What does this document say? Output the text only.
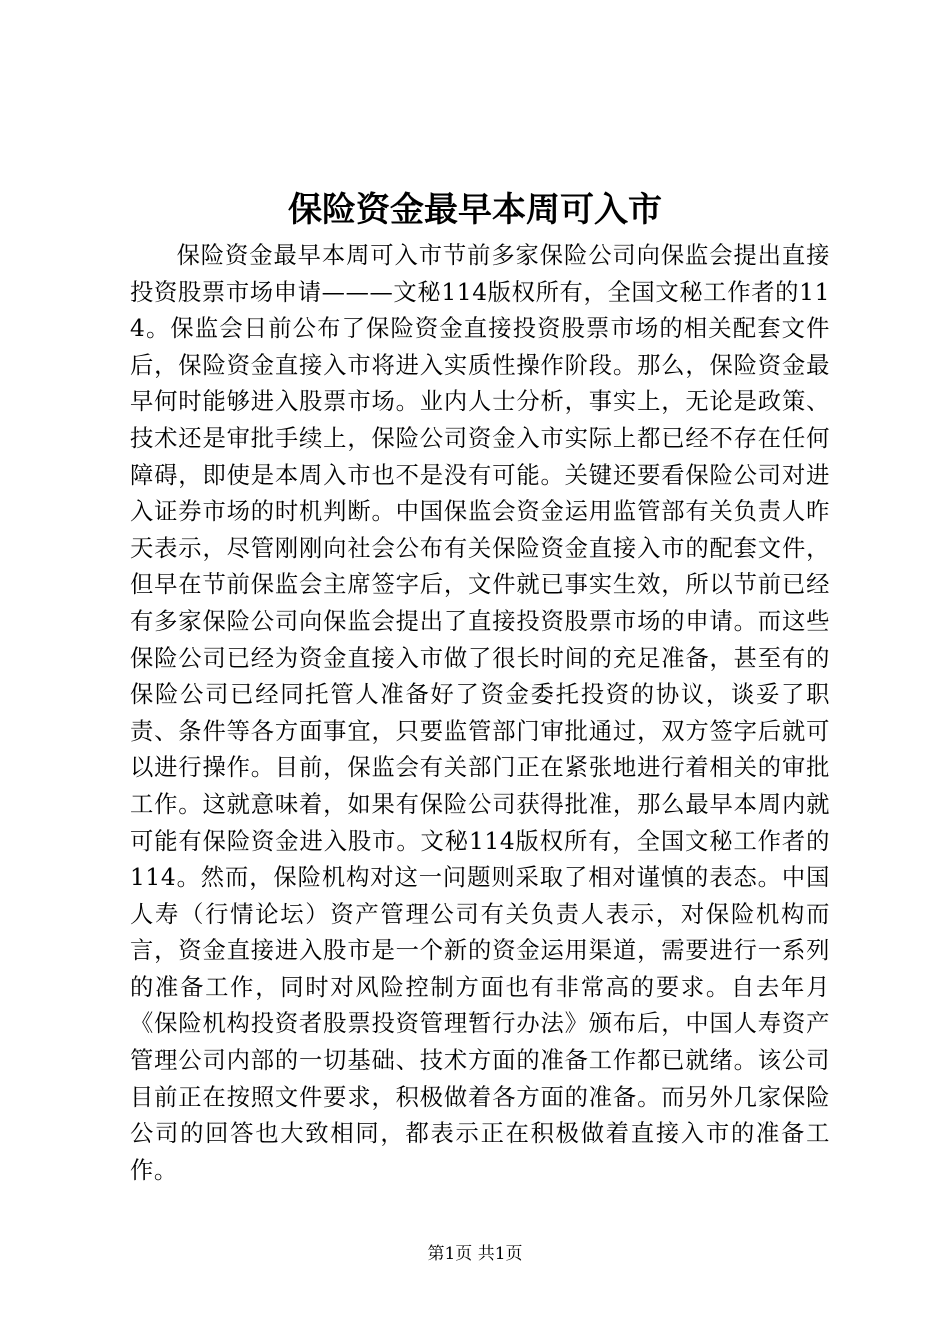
保险资金最早本周可入市

保险资金最早本周可入市节前多家保险公司向保监会提出直接投资股票市场申请———文秘114版权所有，全国文秘工作者的114。保监会日前公布了保险资金直接投资股票市场的相关配套文件后，保险资金直接入市将进入实质性操作阶段。那么，保险资金最早何时能够进入股票市场。业内人士分析，事实上，无论是政策、技术还是审批手续上，保险公司资金入市实际上都已经不存在任何障碍，即使是本周入市也不是没有可能。关键还要看保险公司对进入证券市场的时机判断。中国保监会资金运用监管部有关负责人昨天表示，尽管刚刚向社会公布有关保险资金直接入市的配套文件，但早在节前保监会主席签字后，文件就已事实生效，所以节前已经有多家保险公司向保监会提出了直接投资股票市场的申请。而这些保险公司已经为资金直接入市做了很长时间的充足准备，甚至有的保险公司已经同托管人准备好了资金委托投资的协议，谈妥了职责、条件等各方面事宜，只要监管部门审批通过，双方签字后就可以进行操作。目前，保监会有关部门正在紧张地进行着相关的审批工作。这就意味着，如果有保险公司获得批准，那么最早本周内就可能有保险资金进入股市。文秘114版权所有，全国文秘工作者的114。然而，保险机构对这一问题则采取了相对谨慎的表态。中国人寿（行情论坛）资产管理公司有关负责人表示，对保险机构而言，资金直接进入股市是一个新的资金运用渠道，需要进行一系列的准备工作，同时对风险控制方面也有非常高的要求。自去年月《保险机构投资者股票投资管理暂行办法》颁布后，中国人寿资产管理公司内部的一切基础、技术方面的准备工作都已就绪。该公司目前正在按照文件要求，积极做着各方面的准备。而另外几家保险公司的回答也大致相同，都表示正在积极做着直接入市的准备工作。

第1页 共1页
